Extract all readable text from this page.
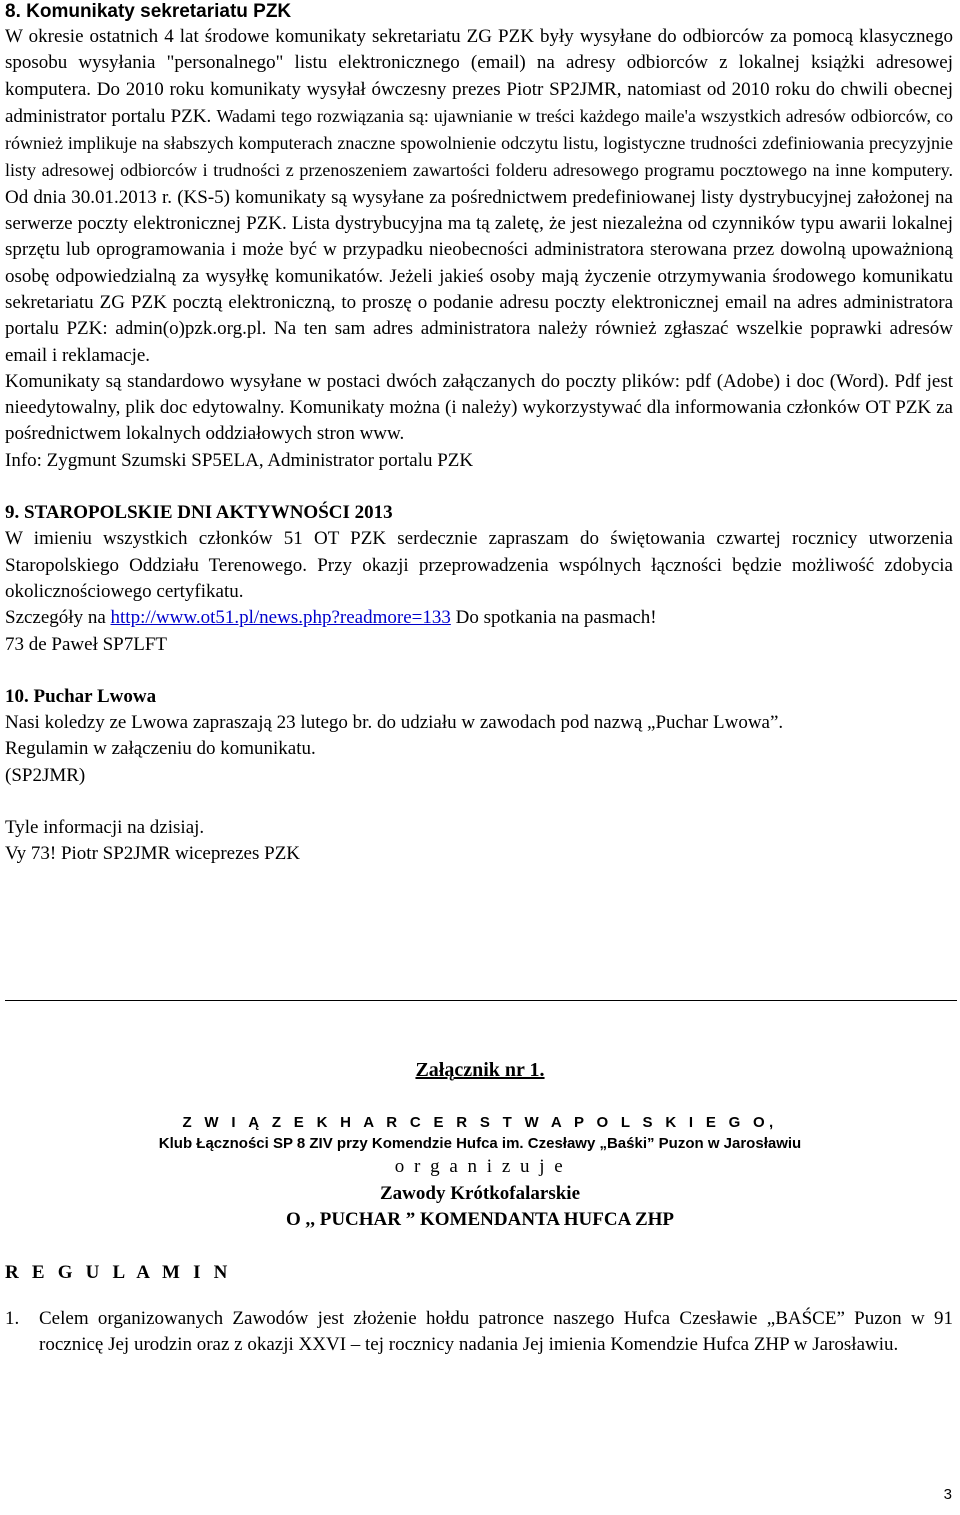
8. Komunikaty sekretariatu PZK

W okresie ostatnich 4 lat środowe komunikaty sekretariatu ZG PZK były wysyłane do odbiorców za pomocą klasycznego sposobu wysyłania "personalnego" listu elektronicznego (email) na adresy odbiorców z lokalnej książki adresowej komputera. Do 2010 roku komunikaty wysyłał ówczesny prezes Piotr SP2JMR, natomiast od 2010 roku do chwili obecnej administrator portalu PZK. Wadami tego rozwiązania są: ujawnianie w treści każdego maile'a wszystkich adresów odbiorców, co również implikuje na słabszych komputerach znaczne spowolnienie odczytu listu, logistyczne trudności zdefiniowania precyzyjnie listy adresowej odbiorców i trudności z przenoszeniem zawartości folderu adresowego programu pocztowego na inne komputery. Od dnia 30.01.2013 r. (KS-5) komunikaty są wysyłane za pośrednictwem predefiniowanej listy dystrybucyjnej założonej na serwerze poczty elektronicznej PZK. Lista dystrybucyjna ma tą zaletę, że jest niezależna od czynników typu awarii lokalnej sprzętu lub oprogramowania i może być w przypadku nieobecności administratora sterowana przez dowolną upoważnioną osobę odpowiedzialną za wysyłkę komunikatów. Jeżeli jakieś osoby mają życzenie otrzymywania środowego komunikatu sekretariatu ZG PZK pocztą elektroniczną, to proszę o podanie adresu poczty elektronicznej email na adres administratora portalu PZK: admin(o)pzk.org.pl. Na ten sam adres administratora należy również zgłaszać wszelkie poprawki adresów email i reklamacje.

Komunikaty są standardowo wysyłane w postaci dwóch załączanych do poczty plików: pdf (Adobe) i doc (Word). Pdf jest nieedytowalny, plik doc edytowalny. Komunikaty można (i należy) wykorzystywać dla informowania członków OT PZK za pośrednictwem lokalnych oddziałowych stron www.

Info: Zygmunt Szumski SP5ELA, Administrator portalu PZK

9. STAROPOLSKIE DNI AKTYWNOŚCI 2013

W imieniu wszystkich członków 51 OT PZK serdecznie zapraszam do świętowania czwartej rocznicy utworzenia Staropolskiego Oddziału Terenowego. Przy okazji przeprowadzenia wspólnych łączności będzie możliwość zdobycia okolicznościowego certyfikatu.

Szczegóły na http://www.ot51.pl/news.php?readmore=133 Do spotkania na pasmach!

73 de Paweł SP7LFT

10. Puchar Lwowa

Nasi koledzy ze Lwowa zapraszają 23 lutego br. do udziału w zawodach pod nazwą „Puchar Lwowa”.

Regulamin w załączeniu do komunikatu.

(SP2JMR)

Tyle informacji na dzisiaj.

Vy 73! Piotr SP2JMR wiceprezes PZK

Załącznik nr 1.

Z W I Ą Z E K H A R C E R S T W A P O L S K I E G O,

Klub Łączności SP 8 ZIV przy Komendzie Hufca im. Czesławy „Baśki” Puzon w Jarosławiu

o r g a n i z u j e

Zawody Krótkofalarskie

O ,, PUCHAR ” KOMENDANTA HUFCA ZHP

R E G U L A M I N

1. Celem organizowanych Zawodów jest złożenie hołdu patronce naszego Hufca Czesławie „BAŚCE” Puzon w 91 rocznicę Jej urodzin oraz z okazji XXVI – tej rocznicy nadania Jej imienia Komendzie Hufca ZHP w Jarosławiu.
3
